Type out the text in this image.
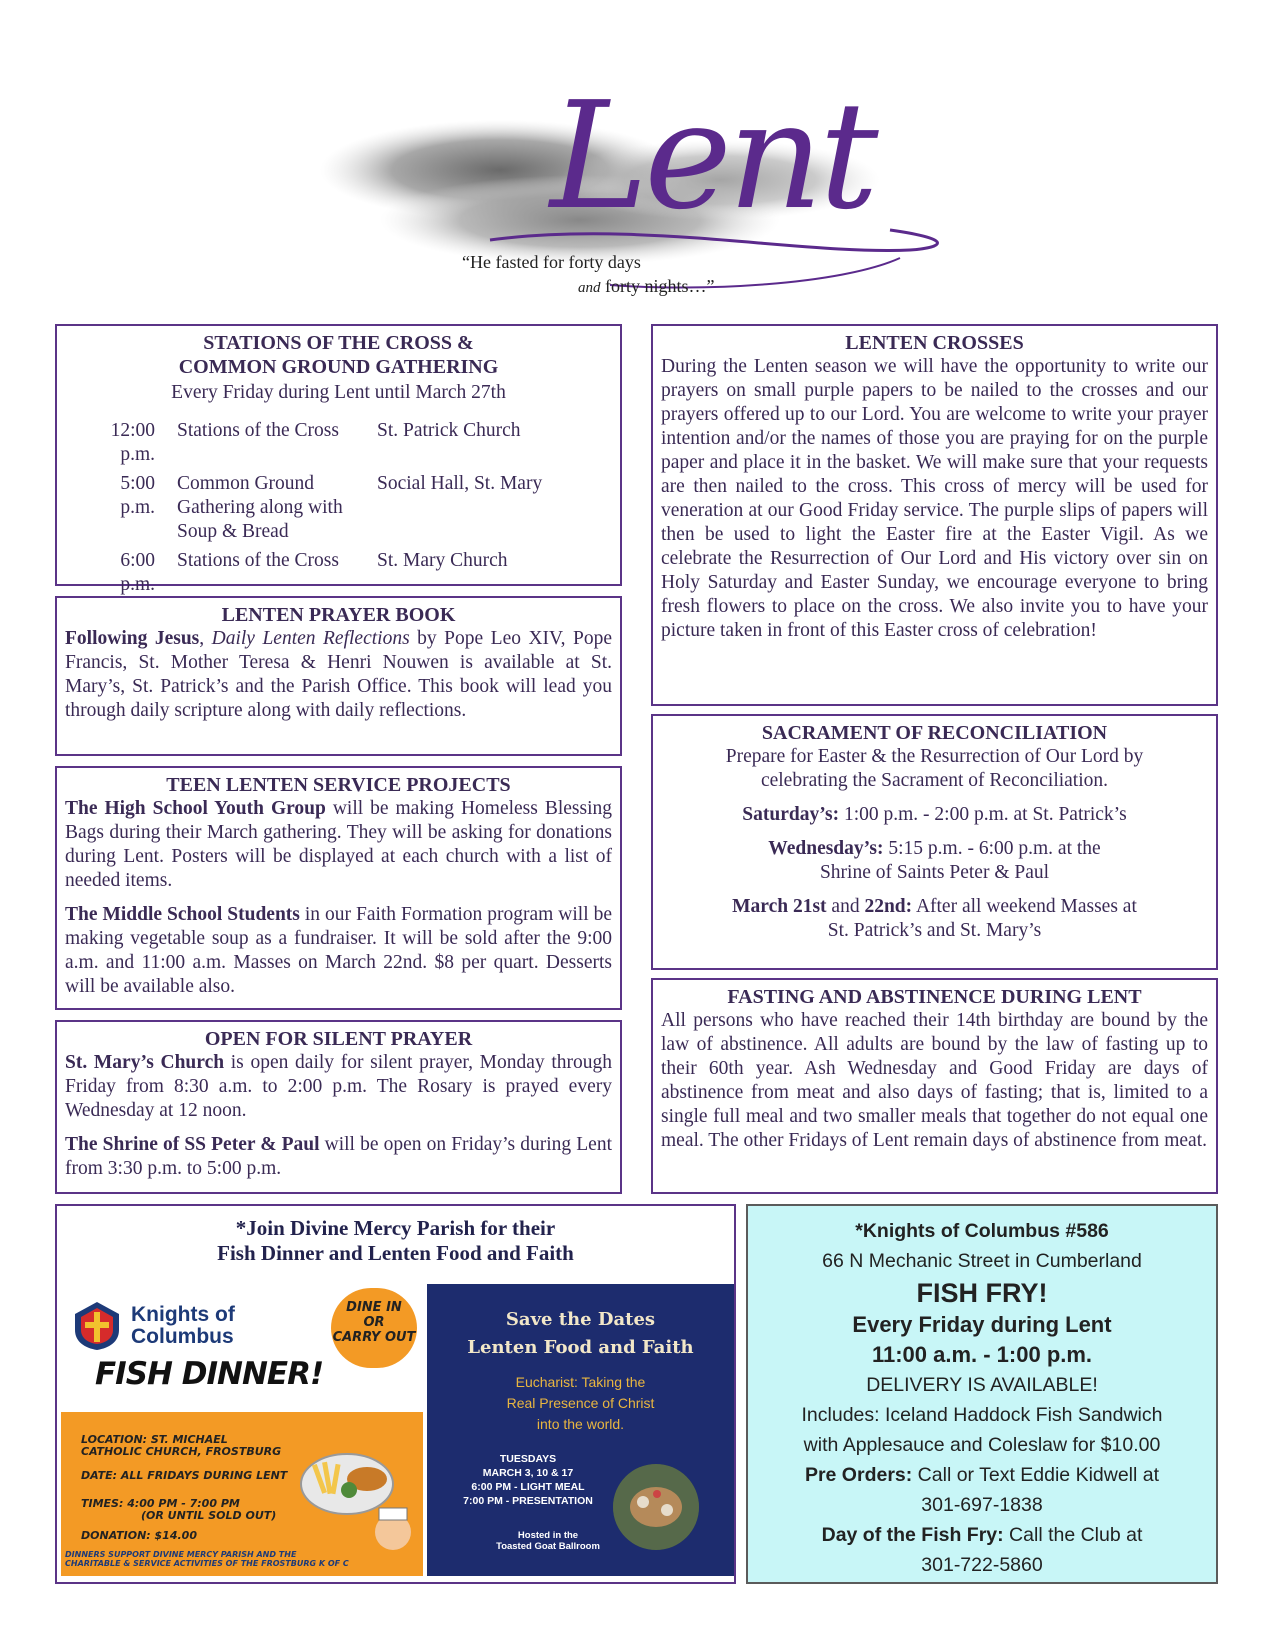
Lent
“He fasted for forty days
and forty nights…”
STATIONS OF THE CROSS &
COMMON GROUND GATHERING
Every Friday during Lent until March 27th
12:00 p.m.	Stations of the Cross	St. Patrick Church
5:00 p.m.	Common Ground Gathering along with Soup & Bread	Social Hall, St. Mary
6:00 p.m.	Stations of the Cross	St. Mary Church
LENTEN PRAYER BOOK

Following Jesus, Daily Lenten Reflections by Pope Leo XIV, Pope Francis, St. Mother Teresa & Henri Nouwen is available at St. Mary’s, St. Patrick’s and the Parish Office. This book will lead you through daily scripture along with daily reflections.

TEEN LENTEN SERVICE PROJECTS

The High School Youth Group will be making Homeless Blessing Bags during their March gathering. They will be asking for donations during Lent. Posters will be displayed at each church with a list of needed items.

The Middle School Students in our Faith Formation program will be making vegetable soup as a fundraiser. It will be sold after the 9:00 a.m. and 11:00 a.m. Masses on March 22nd. $8 per quart. Desserts will be available also.

OPEN FOR SILENT PRAYER

St. Mary’s Church is open daily for silent prayer, Monday through Friday from 8:30 a.m. to 2:00 p.m. The Rosary is prayed every Wednesday at 12 noon.

The Shrine of SS Peter & Paul will be open on Friday’s during Lent from 3:30 p.m. to 5:00 p.m.

LENTEN CROSSES

During the Lenten season we will have the opportunity to write our prayers on small purple papers to be nailed to the crosses and our prayers offered up to our Lord. You are welcome to write your prayer intention and/or the names of those you are praying for on the purple paper and place it in the basket. We will make sure that your requests are then nailed to the cross. This cross of mercy will be used for veneration at our Good Friday service. The purple slips of papers will then be used to light the Easter fire at the Easter Vigil. As we celebrate the Resurrection of Our Lord and His victory over sin on Holy Saturday and Easter Sunday, we encourage everyone to bring fresh flowers to place on the cross. We also invite you to have your picture taken in front of this Easter cross of celebration!

SACRAMENT OF RECONCILIATION
Prepare for Easter & the Resurrection of Our Lord by
celebrating the Sacrament of Reconciliation.
Saturday’s: 1:00 p.m. - 2:00 p.m. at St. Patrick’s
Wednesday’s: 5:15 p.m. - 6:00 p.m. at the
Shrine of Saints Peter & Paul
March 21st and 22nd: After all weekend Masses at
St. Patrick’s and St. Mary’s
FASTING AND ABSTINENCE DURING LENT

All persons who have reached their 14th birthday are bound by the law of abstinence. All adults are bound by the law of fasting up to their 60th year. Ash Wednesday and Good Friday are days of abstinence from meat and also days of fasting; that is, limited to a single full meal and two smaller meals that together do not equal one meal. The other Fridays of Lent remain days of abstinence from meat.

*Join Divine Mercy Parish for their
Fish Dinner and Lenten Food and Faith
Knights of
Columbus
DINE IN
OR
CARRY OUT
FISH DINNER!
LOCATION: ST. MICHAEL
CATHOLIC CHURCH, FROSTBURG
DATE: ALL FRIDAYS DURING LENT
TIMES: 4:00 PM - 7:00 PM
(OR UNTIL SOLD OUT)
DONATION: $14.00
DINNERS SUPPORT DIVINE MERCY PARISH AND THE
CHARITABLE & SERVICE ACTIVITIES OF THE FROSTBURG K OF C
Save the Dates
Lenten Food and Faith
Eucharist: Taking the
Real Presence of Christ
into the world.
TUESDAYS
MARCH 3, 10 & 17
6:00 PM - LIGHT MEAL
7:00 PM - PRESENTATION
Hosted in the
Toasted Goat Ballroom
*Knights of Columbus #586
66 N Mechanic Street in Cumberland
FISH FRY!
Every Friday during Lent
11:00 a.m. - 1:00 p.m.
DELIVERY IS AVAILABLE!
Includes: Iceland Haddock Fish Sandwich
with Applesauce and Coleslaw for $10.00
Pre Orders: Call or Text Eddie Kidwell at
301-697-1838
Day of the Fish Fry: Call the Club at
301-722-5860
